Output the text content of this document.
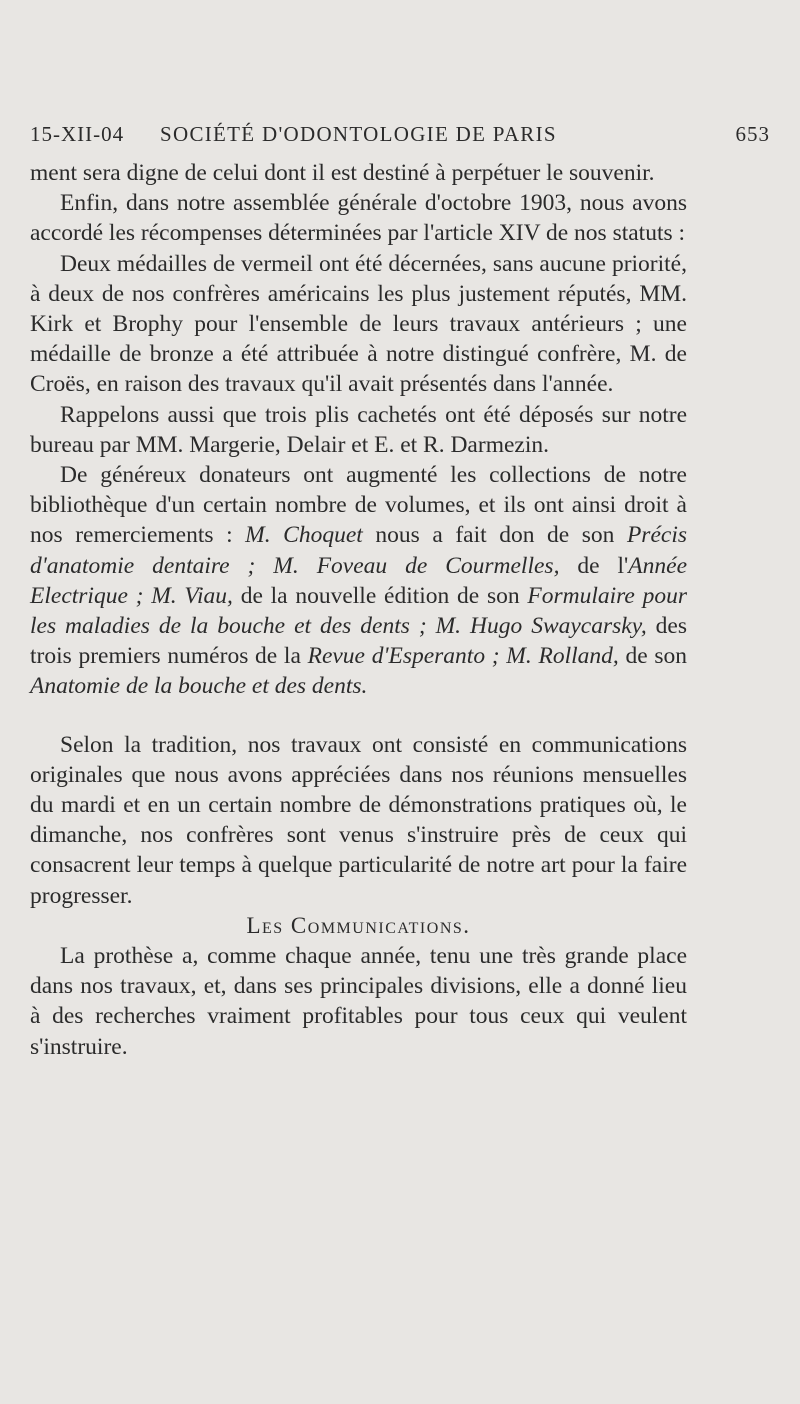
15-XII-04 SOCIÉTÉ D'ODONTOLOGIE DE PARIS	653

ment sera digne de celui dont il est destiné à perpétuer le souvenir.

Enfin, dans notre assemblée générale d'octobre 1903, nous avons accordé les récompenses déterminées par l'article XIV de nos statuts :

Deux médailles de vermeil ont été décernées, sans aucune priorité, à deux de nos confrères américains les plus justement réputés, MM. Kirk et Brophy pour l'ensemble de leurs travaux antérieurs ; une médaille de bronze a été attribuée à notre distingué confrère, M. de Croës, en raison des travaux qu'il avait présentés dans l'année.

Rappelons aussi que trois plis cachetés ont été déposés sur notre bureau par MM. Margerie, Delair et E. et R. Darmezin.

De généreux donateurs ont augmenté les collections de notre bibliothèque d'un certain nombre de volumes, et ils ont ainsi droit à nos remerciements : M. Choquet nous a fait don de son Précis d'anatomie dentaire ; M. Foveau de Courmelles, de l'Année Electrique ; M. Viau, de la nouvelle édition de son Formulaire pour les maladies de la bouche et des dents ; M. Hugo Swaycarsky, des trois premiers numéros de la Revue d'Esperanto ; M. Rolland, de son Anatomie de la bouche et des dents.

Selon la tradition, nos travaux ont consisté en communications originales que nous avons appréciées dans nos réunions mensuelles du mardi et en un certain nombre de démonstrations pratiques où, le dimanche, nos confrères sont venus s'instruire près de ceux qui consacrent leur temps à quelque particularité de notre art pour la faire progresser.

Les Communications.

La prothèse a, comme chaque année, tenu une très grande place dans nos travaux, et, dans ses principales divisions, elle a donné lieu à des recherches vraiment profitables pour tous ceux qui veulent s'instruire.
